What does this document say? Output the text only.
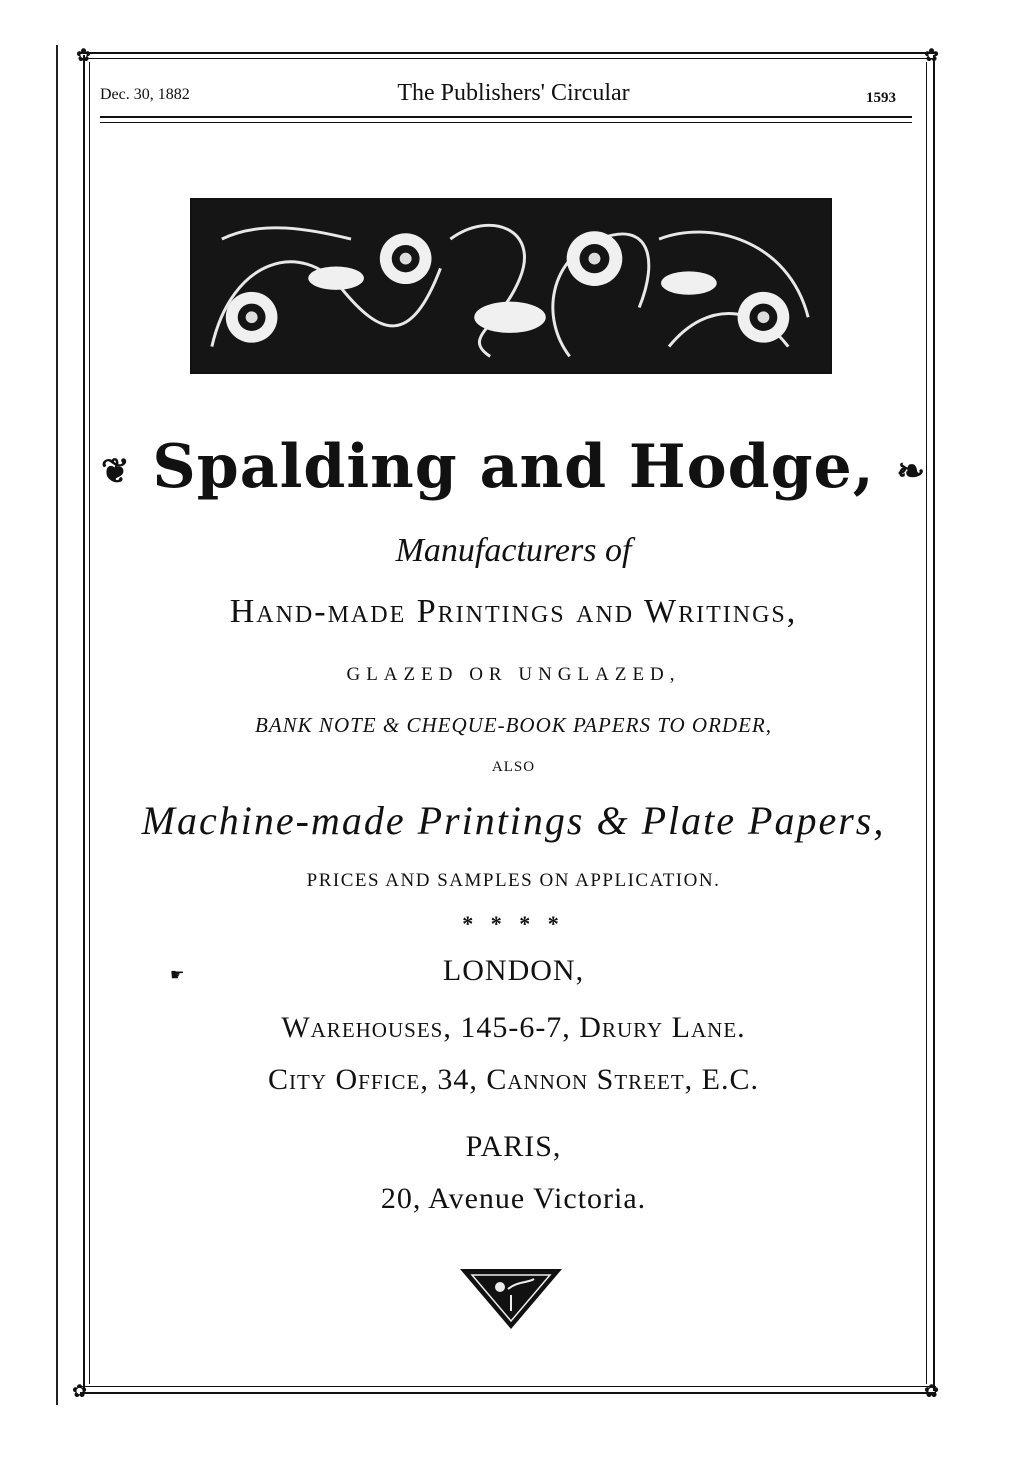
✿	✿
✿	✿
Dec. 30, 1882	The Publishers' Circular	1593
❦ Spalding and Hodge, ❧
Manufacturers of
Hand-made Printings and Writings,
GLAZED OR UNGLAZED,
BANK NOTE & CHEQUE-BOOK PAPERS TO ORDER,
ALSO
Machine-made Printings & Plate Papers,
PRICES AND SAMPLES ON APPLICATION.
* * * *
☛	LONDON,
Warehouses, 145-6-7, Drury Lane.
City Office, 34, Cannon Street, E.C.
PARIS,
20, Avenue Victoria.
